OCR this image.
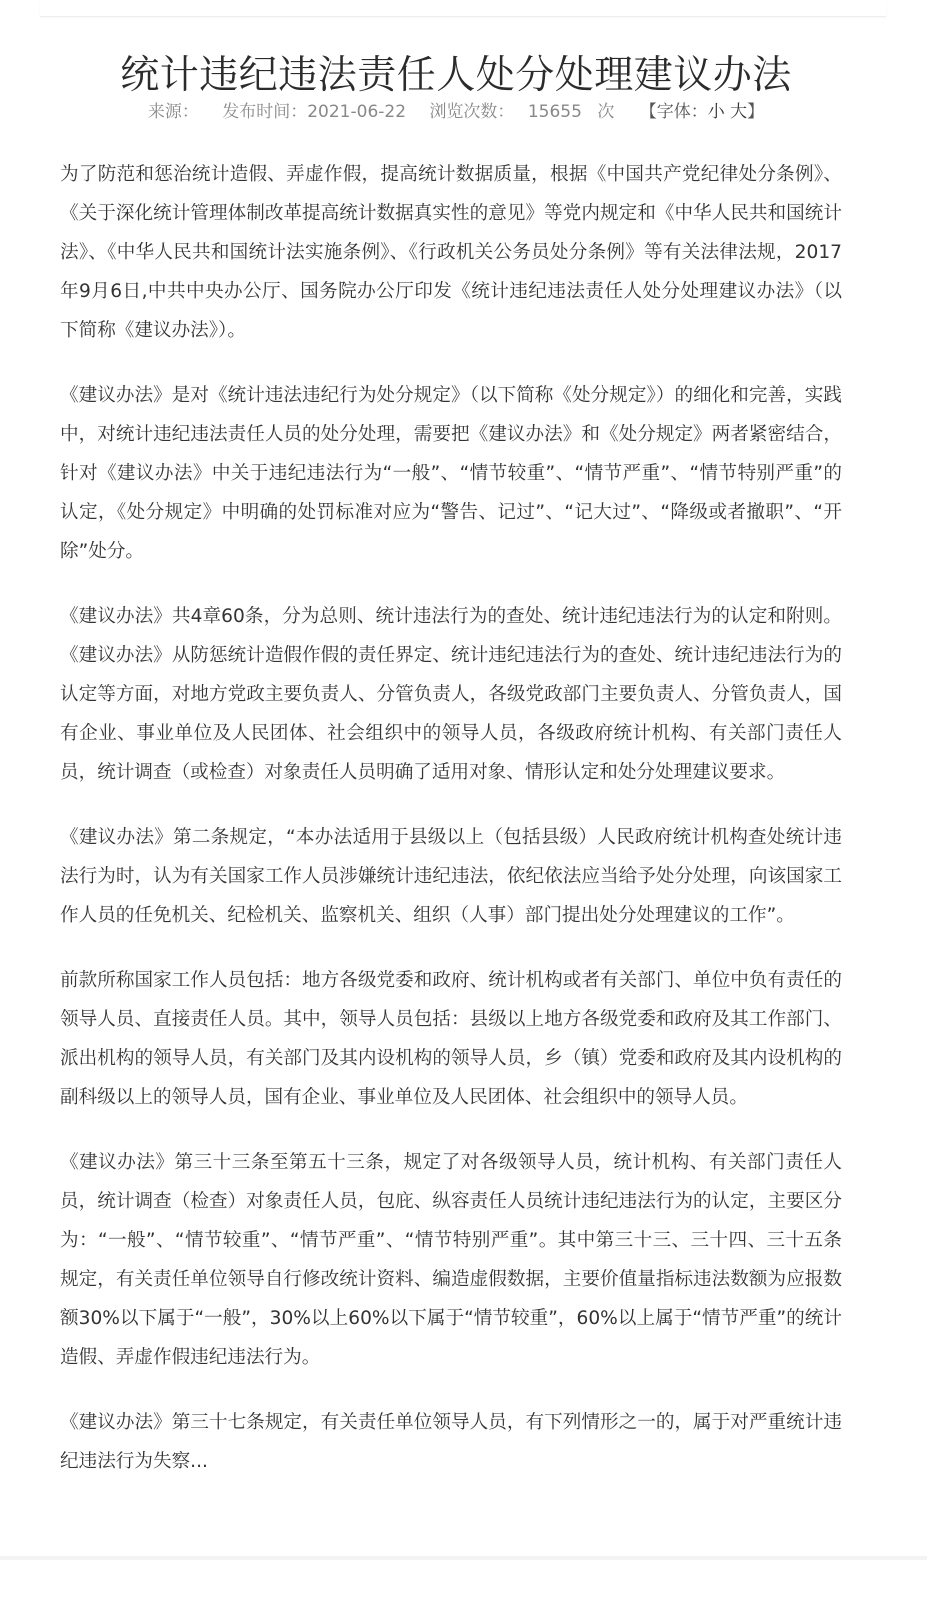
统计违纪违法责任人处分处理建议办法
来源： 发布时间：2021-06-22 浏览次数： 15655 次 【字体：小 大】

为了防范和惩治统计造假、弄虚作假，提高统计数据质量，根据《中国共产党纪律处分条例》、《关于深化统计管理体制改革提高统计数据真实性的意见》等党内规定和《中华人民共和国统计法》、《中华人民共和国统计法实施条例》、《行政机关公务员处分条例》等有关法律法规，2017年9月6日,中共中央办公厅、国务院办公厅印发《统计违纪违法责任人处分处理建议办法》（以下简称《建议办法》）。

《建议办法》是对《统计违法违纪行为处分规定》（以下简称《处分规定》）的细化和完善，实践中，对统计违纪违法责任人员的处分处理，需要把《建议办法》和《处分规定》两者紧密结合，针对《建议办法》中关于违纪违法行为“一般”、“情节较重”、“情节严重”、“情节特别严重”的认定，《处分规定》中明确的处罚标准对应为“警告、记过”、“记大过”、“降级或者撤职”、“开除”处分。

《建议办法》共4章60条，分为总则、统计违法行为的查处、统计违纪违法行为的认定和附则。《建议办法》从防惩统计造假作假的责任界定、统计违纪违法行为的查处、统计违纪违法行为的认定等方面，对地方党政主要负责人、分管负责人，各级党政部门主要负责人、分管负责人，国有企业、事业单位及人民团体、社会组织中的领导人员，各级政府统计机构、有关部门责任人员，统计调查（或检查）对象责任人员明确了适用对象、情形认定和处分处理建议要求。

《建议办法》第二条规定，“本办法适用于县级以上（包括县级）人民政府统计机构查处统计违法行为时，认为有关国家工作人员涉嫌统计违纪违法，依纪依法应当给予处分处理，向该国家工作人员的任免机关、纪检机关、监察机关、组织（人事）部门提出处分处理建议的工作”。

前款所称国家工作人员包括：地方各级党委和政府、统计机构或者有关部门、单位中负有责任的领导人员、直接责任人员。其中，领导人员包括：县级以上地方各级党委和政府及其工作部门、派出机构的领导人员，有关部门及其内设机构的领导人员，乡（镇）党委和政府及其内设机构的副科级以上的领导人员，国有企业、事业单位及人民团体、社会组织中的领导人员。

《建议办法》第三十三条至第五十三条，规定了对各级领导人员，统计机构、有关部门责任人员，统计调查（检查）对象责任人员，包庇、纵容责任人员统计违纪违法行为的认定，主要区分为：“一般”、“情节较重”、“情节严重”、“情节特别严重”。其中第三十三、三十四、三十五条规定，有关责任单位领导自行修改统计资料、编造虚假数据，主要价值量指标违法数额为应报数额30%以下属于“一般”，30%以上60%以下属于“情节较重”，60%以上属于“情节严重”的统计造假、弄虚作假违纪违法行为。

《建议办法》第三十七条规定，有关责任单位领导人员，有下列情形之一的，属于对严重统计违纪违法行为失察...
